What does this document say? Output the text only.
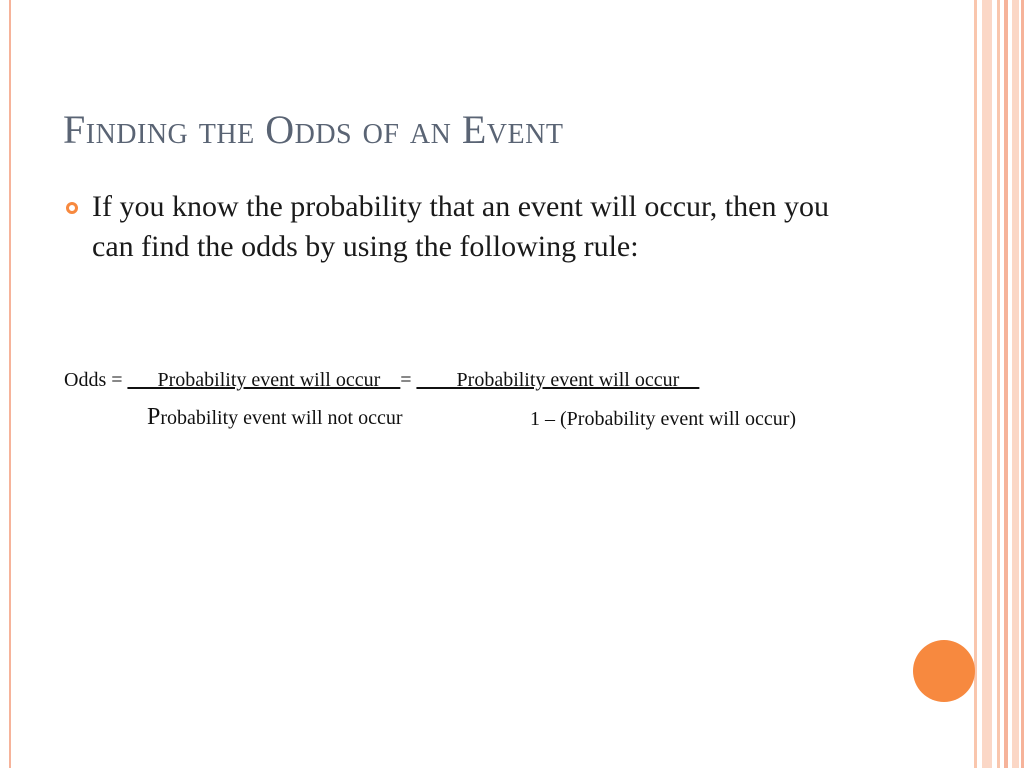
Finding the Odds of an Event
If you know the probability that an event will occur, then you can find the odds by using the following rule:
Odds = ___Probability event will occur__= ____Probability event will occur__
Probability event will not occur	1 – (Probability event will occur)
